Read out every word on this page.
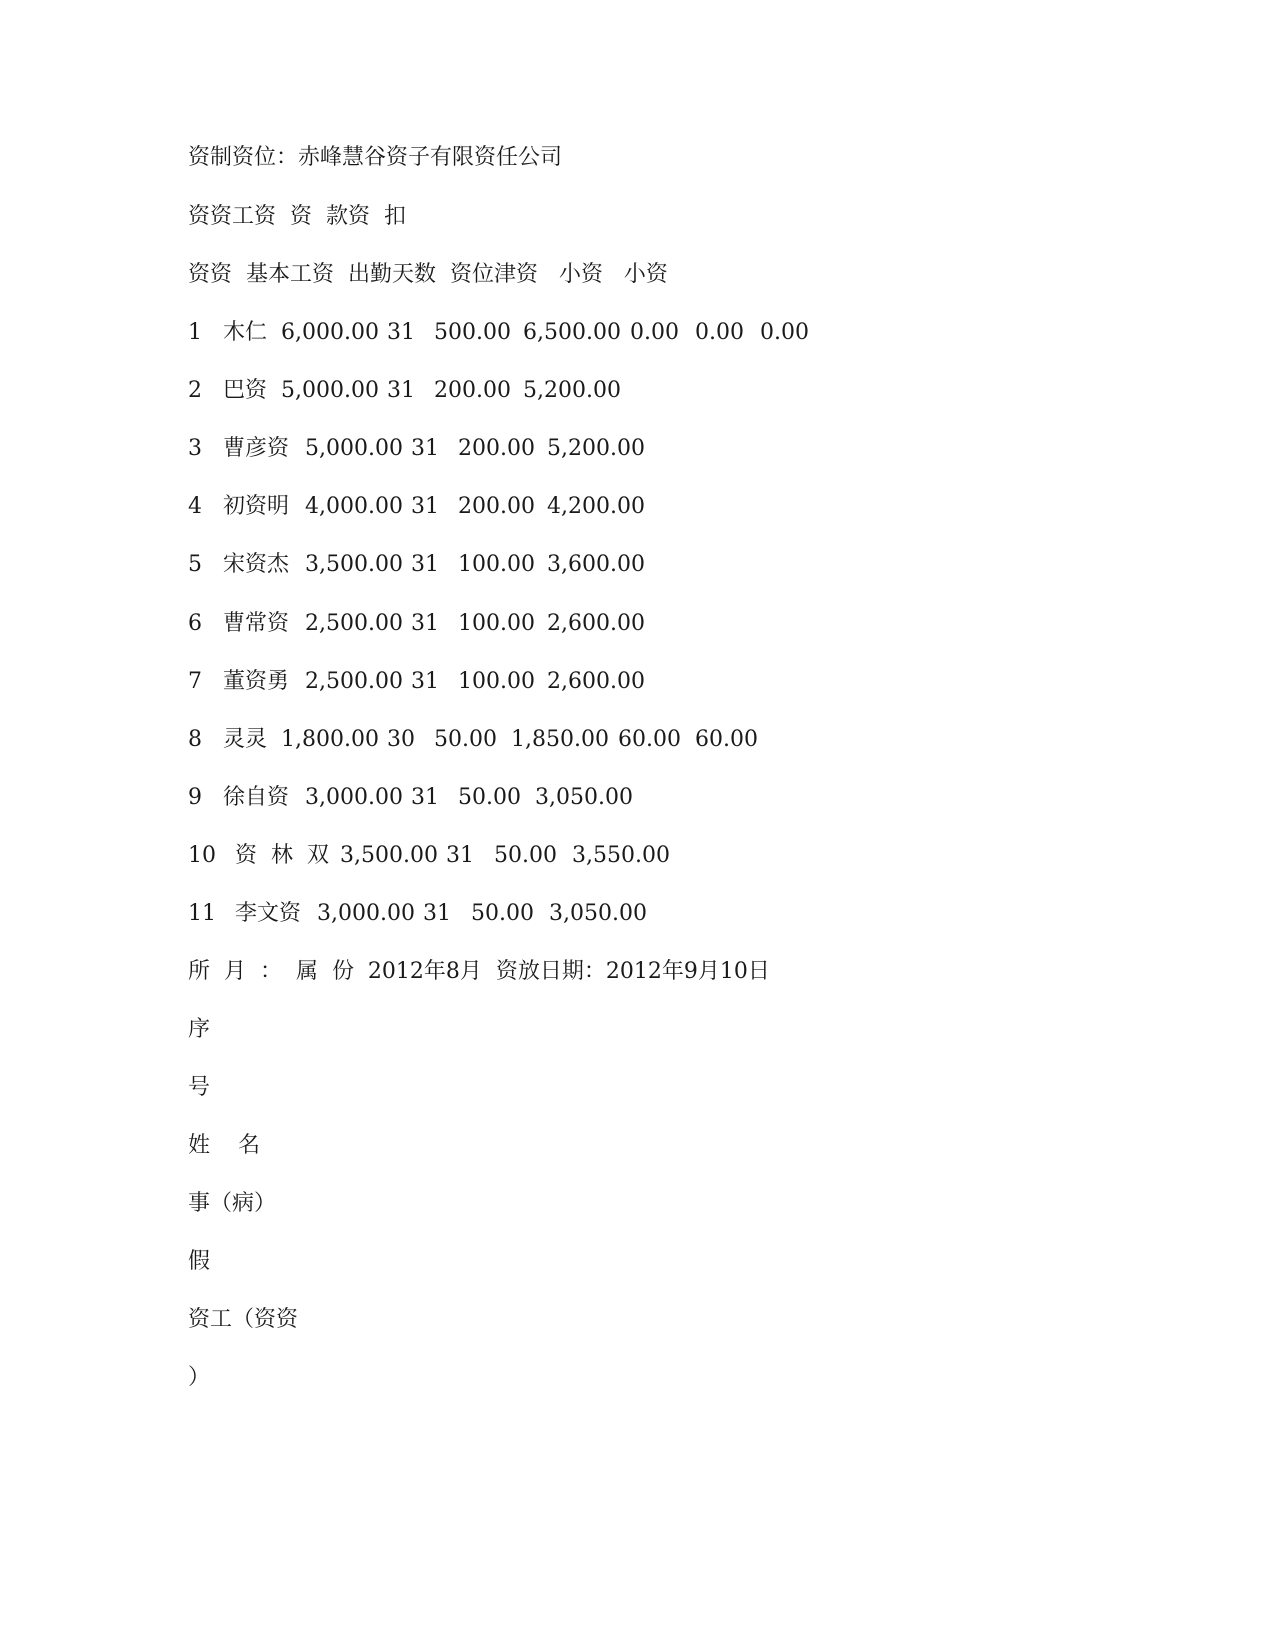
资制资位：赤峰慧谷资子有限资任公司
资资工资  资  款资  扣
资资  基本工资  出勤天数  资位津资   小资   小资

1

木仁

6,000.00

31

500.00

6,500.00

0.00

0.00

0.00

2

巴资

5,000.00

31

200.00

5,200.00

3

曹彦资

5,000.00

31

200.00

5,200.00

4

初资明

4,000.00

31

200.00

4,200.00

5

宋资杰

3,500.00

31

100.00

3,600.00

6

曹常资

2,500.00

31

100.00

2,600.00

7

董资勇

2,500.00

31

100.00

2,600.00

8

灵灵

1,800.00

30

50.00

1,850.00

60.00

60.00

9

徐自资

3,000.00

31

50.00

3,050.00

10

资  林  双

3,500.00

31

50.00

3,550.00

11

李文资

3,000.00

31

50.00

3,050.00

所  月  ：  属  份  2012年8月  资放日期：2012年9月10日
序
号
姓    名
事（病）
假
资工（资资
）
